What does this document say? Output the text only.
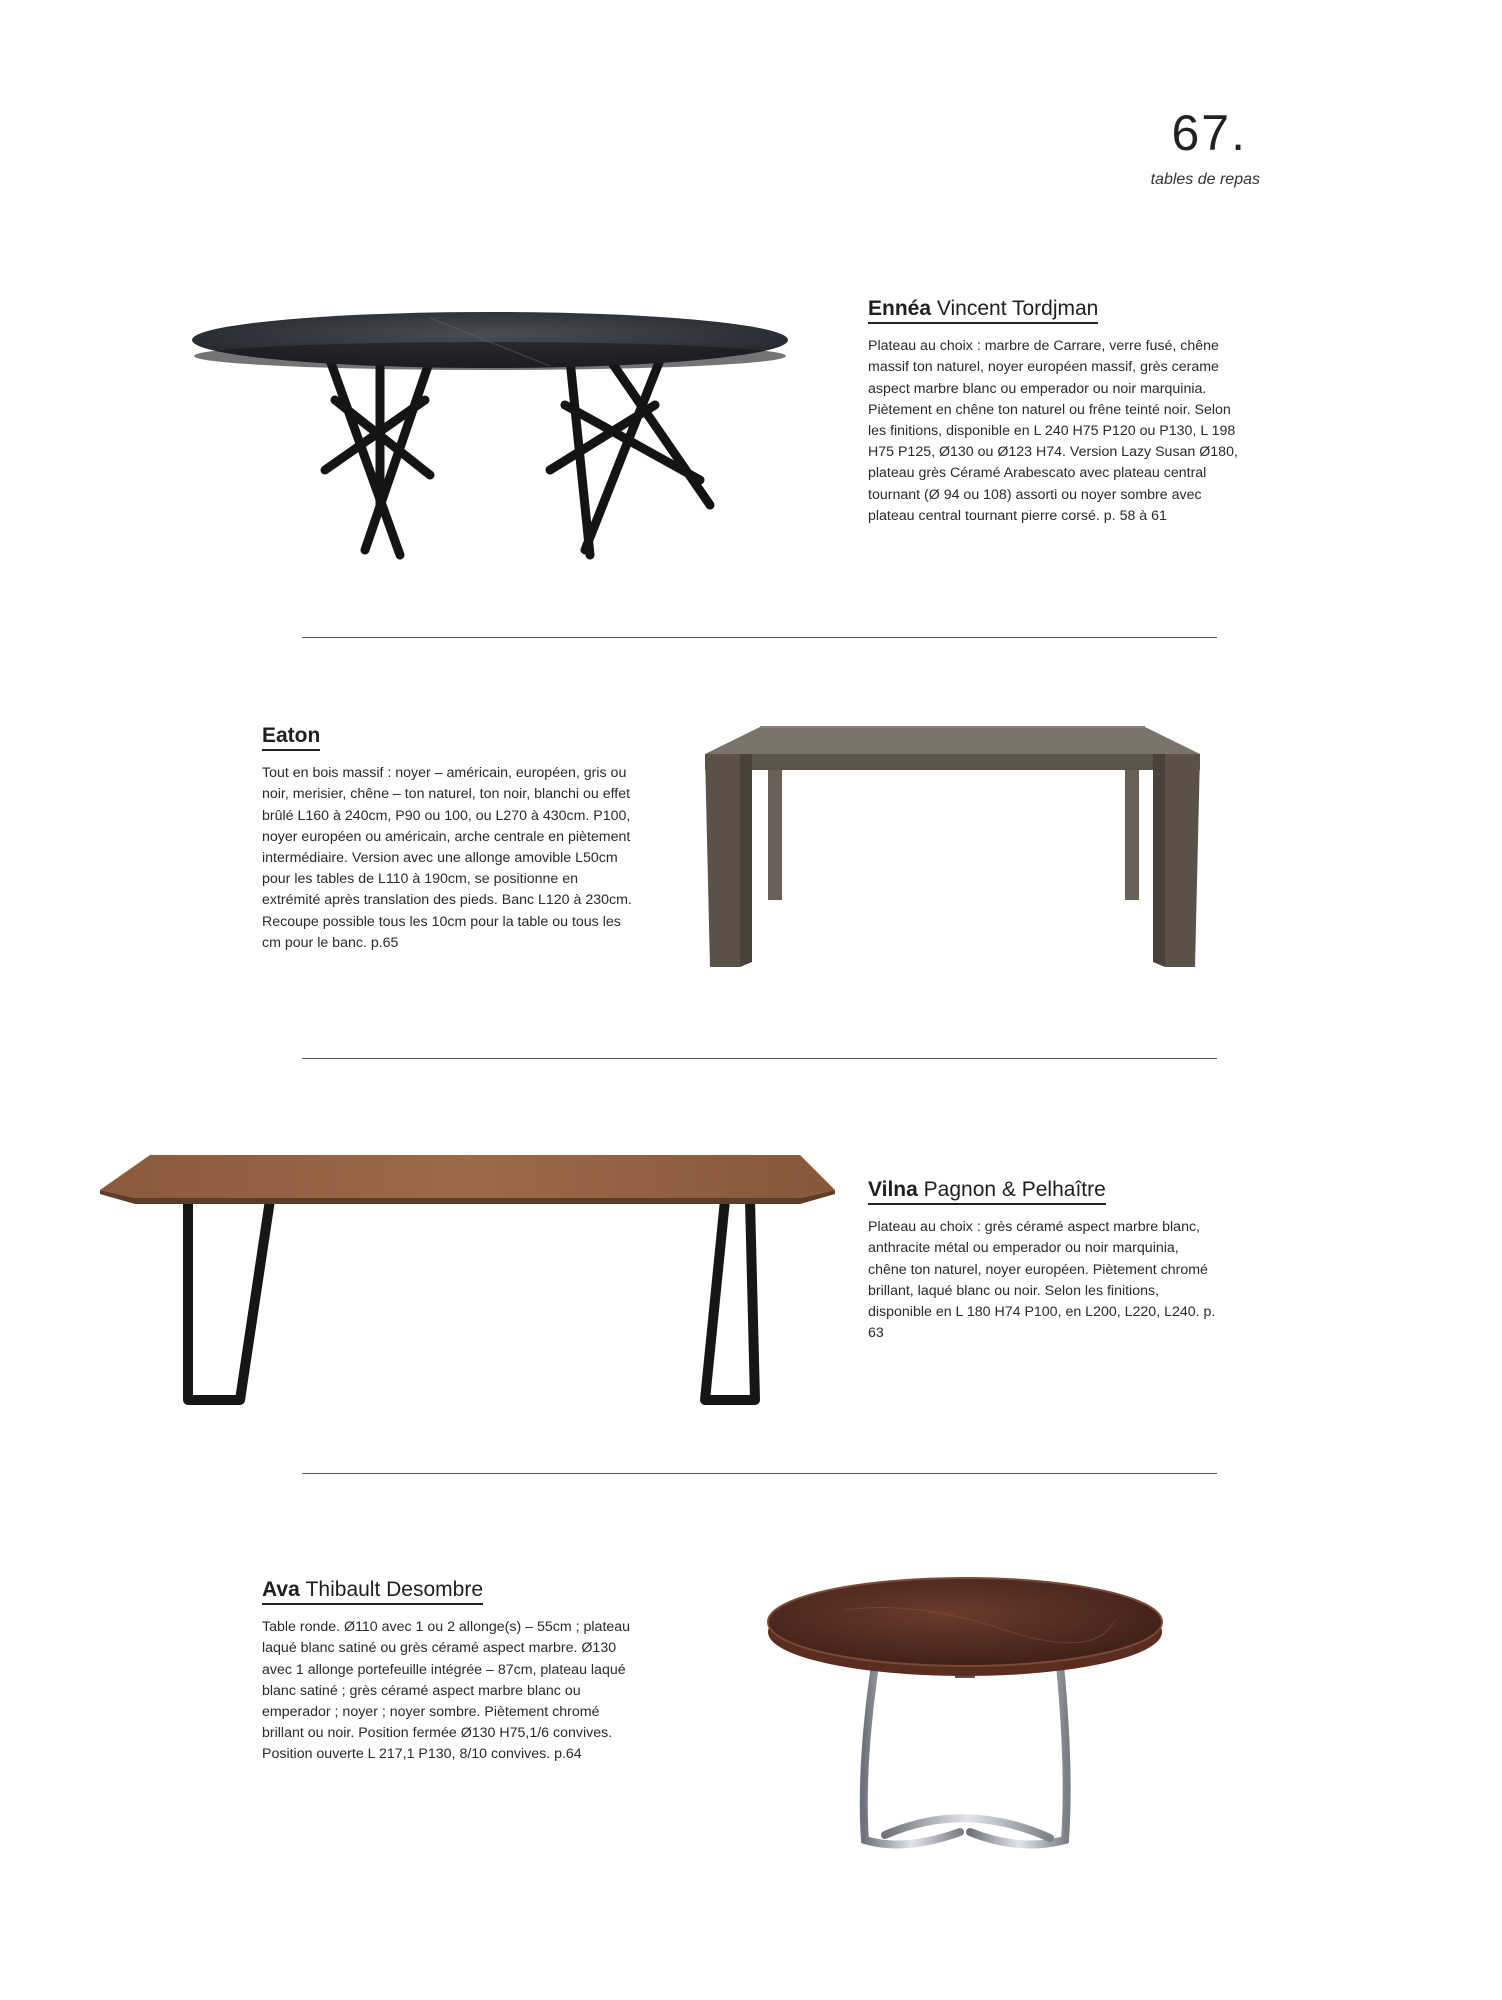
67.
tables de repas
Ennéa Vincent Tordjman

Plateau au choix : marbre de Carrare, verre fusé, chêne massif ton naturel, noyer européen massif, grès cerame aspect marbre blanc ou emperador ou noir marquinia. Piètement en chêne ton naturel ou frêne teinté noir. Selon les finitions, disponible en L 240 H75 P120 ou P130, L 198 H75 P125, Ø130 ou Ø123 H74. Version Lazy Susan Ø180, plateau grès Céramé Arabescato avec plateau central tournant (Ø 94 ou 108) assorti ou noyer sombre avec plateau central tournant pierre corsé. p. 58 à 61

Eaton

Tout en bois massif : noyer – américain, européen, gris ou noir, merisier, chêne – ton naturel, ton noir, blanchi ou effet brûlé L160 à 240cm, P90 ou 100, ou L270 à 430cm. P100, noyer européen ou américain, arche centrale en piètement intermédiaire. Version avec une allonge amovible L50cm pour les tables de L110 à 190cm, se positionne en extrémité après translation des pieds. Banc L120 à 230cm. Recoupe possible tous les 10cm pour la table ou tous les cm pour le banc. p.65

Vilna Pagnon & Pelhaître

Plateau au choix : grès céramé aspect marbre blanc, anthracite métal ou emperador ou noir marquinia, chêne ton naturel, noyer européen. Piètement chromé brillant, laqué blanc ou noir. Selon les finitions, disponible en L 180 H74 P100, en L200, L220, L240. p. 63

Ava Thibault Desombre

Table ronde. Ø110 avec 1 ou 2 allonge(s) – 55cm ; plateau laqué blanc satiné ou grès céramé aspect marbre. Ø130 avec 1 allonge portefeuille intégrée – 87cm, plateau laqué blanc satiné ; grès céramé aspect marbre blanc ou emperador ; noyer ; noyer sombre. Piètement chromé brillant ou noir. Position fermée Ø130 H75,1/6 convives. Position ouverte L 217,1 P130, 8/10 convives. p.64
